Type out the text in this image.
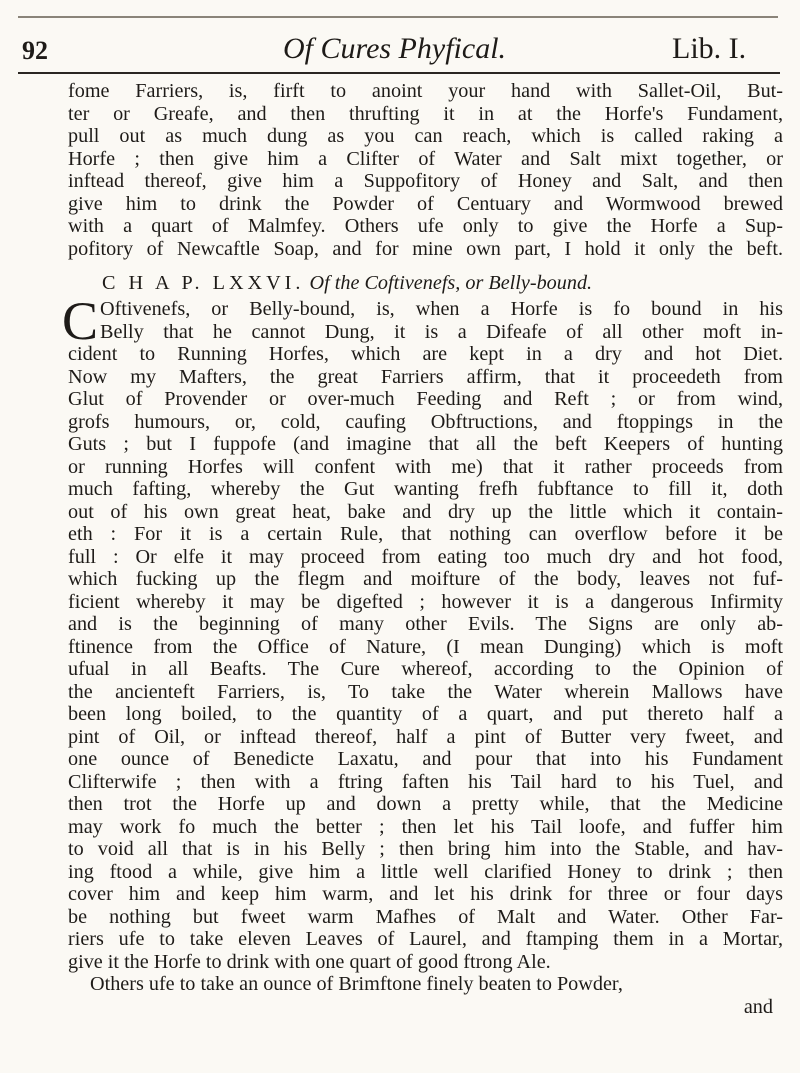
92	Of Cures Phyfical.	Lib. I.
fome Farriers, is, firft to anoint your hand with Sallet-Oil, But-
ter or Greafe, and then thrufting it in at the Horfe's Fundament,
pull out as much dung as you can reach, which is called raking a
Horfe ; then give him a Clifter of Water and Salt mixt together, or
inftead thereof, give him a Suppofitory of Honey and Salt, and then
give him to drink the Powder of Centuary and Wormwood brewed
with a quart of Malmfey. Others ufe only to give the Horfe a Sup-
pofitory of Newcaftle Soap, and for mine own part, I hold it only the beft.
C H A P. LXXVI. Of the Coftivenefs, or Belly-bound.
C Oftivenefs, or Belly-bound, is, when a Horfe is fo bound in his
Belly that he cannot Dung, it is a Difeafe of all other moft in-
cident to Running Horfes, which are kept in a dry and hot Diet.
Now my Mafters, the great Farriers affirm, that it proceedeth from
Glut of Provender or over-much Feeding and Reft ; or from wind,
grofs humours, or, cold, caufing Obftructions, and ftoppings in the
Guts ; but I fuppofe (and imagine that all the beft Keepers of hunting
or running Horfes will confent with me) that it rather proceeds from
much fafting, whereby the Gut wanting frefh fubftance to fill it, doth
out of his own great heat, bake and dry up the little which it contain-
eth : For it is a certain Rule, that nothing can overflow before it be
full : Or elfe it may proceed from eating too much dry and hot food,
which fucking up the flegm and moifture of the body, leaves not fuf-
ficient whereby it may be digefted ; however it is a dangerous Infirmity
and is the beginning of many other Evils. The Signs are only ab-
ftinence from the Office of Nature, (I mean Dunging) which is moft
ufual in all Beafts. The Cure whereof, according to the Opinion of
the ancienteft Farriers, is, To take the Water wherein Mallows have
been long boiled, to the quantity of a quart, and put thereto half a
pint of Oil, or inftead thereof, half a pint of Butter very fweet, and
one ounce of Benedicte Laxatu, and pour that into his Fundament
Clifterwife ; then with a ftring faften his Tail hard to his Tuel, and
then trot the Horfe up and down a pretty while, that the Medicine
may work fo much the better ; then let his Tail loofe, and fuffer him
to void all that is in his Belly ; then bring him into the Stable, and hav-
ing ftood a while, give him a little well clarified Honey to drink ; then
cover him and keep him warm, and let his drink for three or four days
be nothing but fweet warm Mafhes of Malt and Water. Other Far-
riers ufe to take eleven Leaves of Laurel, and ftamping them in a Mortar,
give it the Horfe to drink with one quart of good ftrong Ale.
Others ufe to take an ounce of Brimftone finely beaten to Powder,
and
